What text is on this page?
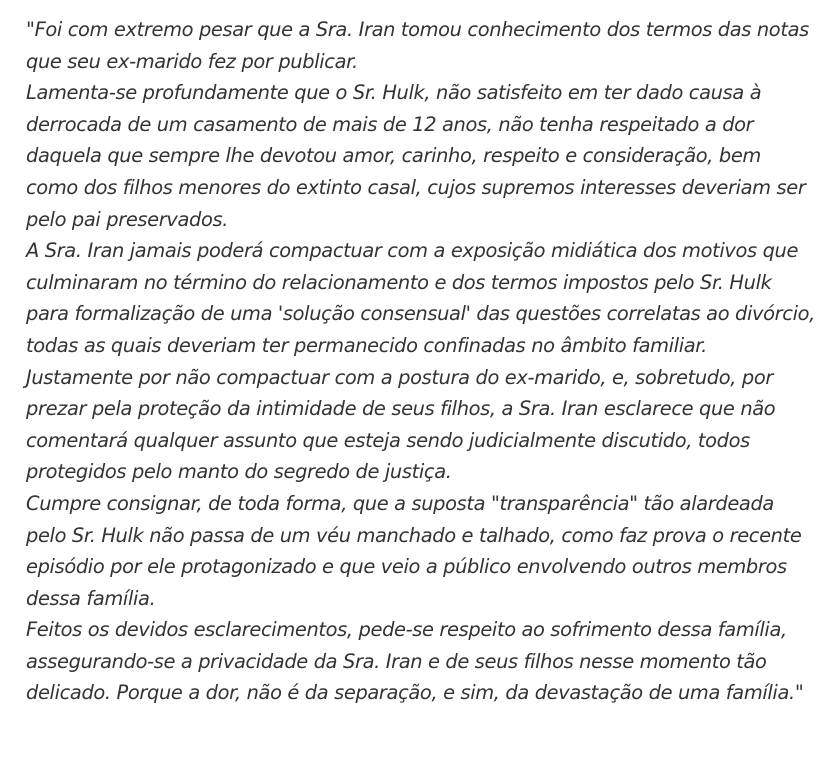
"Foi com extremo pesar que a Sra. Iran tomou conhecimento dos termos das notas que seu ex-marido fez por publicar.

Lamenta-se profundamente que o Sr. Hulk, não satisfeito em ter dado causa à derrocada de um casamento de mais de 12 anos, não tenha respeitado a dor daquela que sempre lhe devotou amor, carinho, respeito e consideração, bem como dos filhos menores do extinto casal, cujos supremos interesses deveriam ser pelo pai preservados.

A Sra. Iran jamais poderá compactuar com a exposição midiática dos motivos que culminaram no término do relacionamento e dos termos impostos pelo Sr. Hulk para formalização de uma 'solução consensual' das questões correlatas ao divórcio, todas as quais deveriam ter permanecido confinadas no âmbito familiar.

Justamente por não compactuar com a postura do ex-marido, e, sobretudo, por prezar pela proteção da intimidade de seus filhos, a Sra. Iran esclarece que não comentará qualquer assunto que esteja sendo judicialmente discutido, todos protegidos pelo manto do segredo de justiça.

Cumpre consignar, de toda forma, que a suposta "transparência" tão alardeada pelo Sr. Hulk não passa de um véu manchado e talhado, como faz prova o recente episódio por ele protagonizado e que veio a público envolvendo outros membros dessa família.

Feitos os devidos esclarecimentos, pede-se respeito ao sofrimento dessa família, assegurando-se a privacidade da Sra. Iran e de seus filhos nesse momento tão delicado. Porque a dor, não é da separação, e sim, da devastação de uma família."
